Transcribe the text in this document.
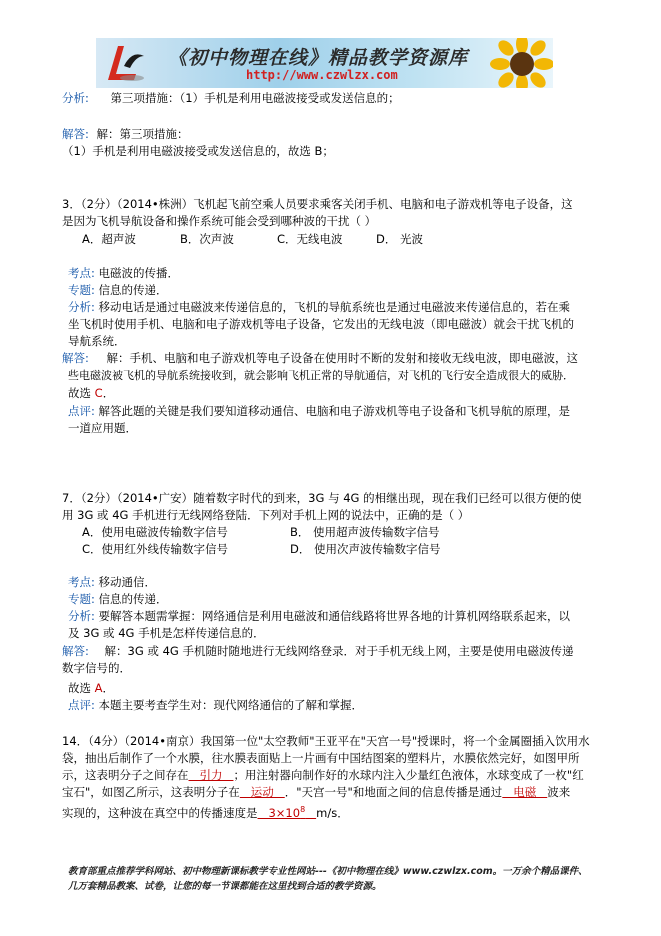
《初中物理在线》精品教学资源库
http://www.czwlzx.com
分析: 第三项措施：（1）手机是利用电磁波接受或发送信息的；
解答: 解：第三项措施：
（1）手机是利用电磁波接受或发送信息的，故选 B；
3．（2分）（2014•株洲）飞机起飞前空乘人员要求乘客关闭手机、电脑和电子游戏机等电子设备，这
是因为飞机导航设备和操作系统可能会受到哪种波的干扰（ ）
A．超声波	B．次声波	C．无线电波	D． 光波
考点: 电磁波的传播．
专题: 信息的传递．
分析: 移动电话是通过电磁波来传递信息的，飞机的导航系统也是通过电磁波来传递信息的，若在乘
坐飞机时使用手机、电脑和电子游戏机等电子设备，它发出的无线电波（即电磁波）就会干扰飞机的
导航系统．
解答: 解：手机、电脑和电子游戏机等电子设备在使用时不断的发射和接收无线电波，即电磁波，这
些电磁波被飞机的导航系统接收到，就会影响飞机正常的导航通信，对飞机的飞行安全造成很大的威胁．
故选 C．
点评: 解答此题的关键是我们要知道移动通信、电脑和电子游戏机等电子设备和飞机导航的原理，是
一道应用题．
7．（2分）（2014•广安）随着数字时代的到来，3G 与 4G 的相继出现，现在我们已经可以很方便的使
用 3G 或 4G 手机进行无线网络登陆．下列对手机上网的说法中，正确的是（ ）
A．使用电磁波传输数字信号	B． 使用超声波传输数字信号
C．使用红外线传输数字信号	D． 使用次声波传输数字信号
考点: 移动通信．
专题: 信息的传递．
分析: 要解答本题需掌握：网络通信是利用电磁波和通信线路将世界各地的计算机网络联系起来，以
及 3G 或 4G 手机是怎样传递信息的．
解答: 解：3G 或 4G 手机随时随地进行无线网络登录．对于手机无线上网，主要是使用电磁波传递
数字信号的．
故选 A．
点评: 本题主要考查学生对：现代网络通信的了解和掌握．
14．（4分）（2014•南京）我国第一位"太空教师"王亚平在"天宫一号"授课时，将一个金属圈插入饮用水
袋，抽出后制作了一个水膜，往水膜表面贴上一片画有中国结图案的塑料片，水膜依然完好，如图甲所
示，这表明分子之间存在   引力   ；用注射器向制作好的水球内注入少量红色液体，水球变成了一枚"红
宝石"，如图乙所示，这表明分子在   运动   ．"天宫一号"和地面之间的信息传播是通过   电磁   波来
实现的，这种波在真空中的传播速度是   $3\times 10^8$ m/s．
教育部重点推荐学科网站、初中物理新课标教学专业性网站---《初中物理在线》www.czwlzx.com。一万余个精品课件、
几万套精品教案、试卷，让您的每一节课都能在这里找到合适的教学资源。
